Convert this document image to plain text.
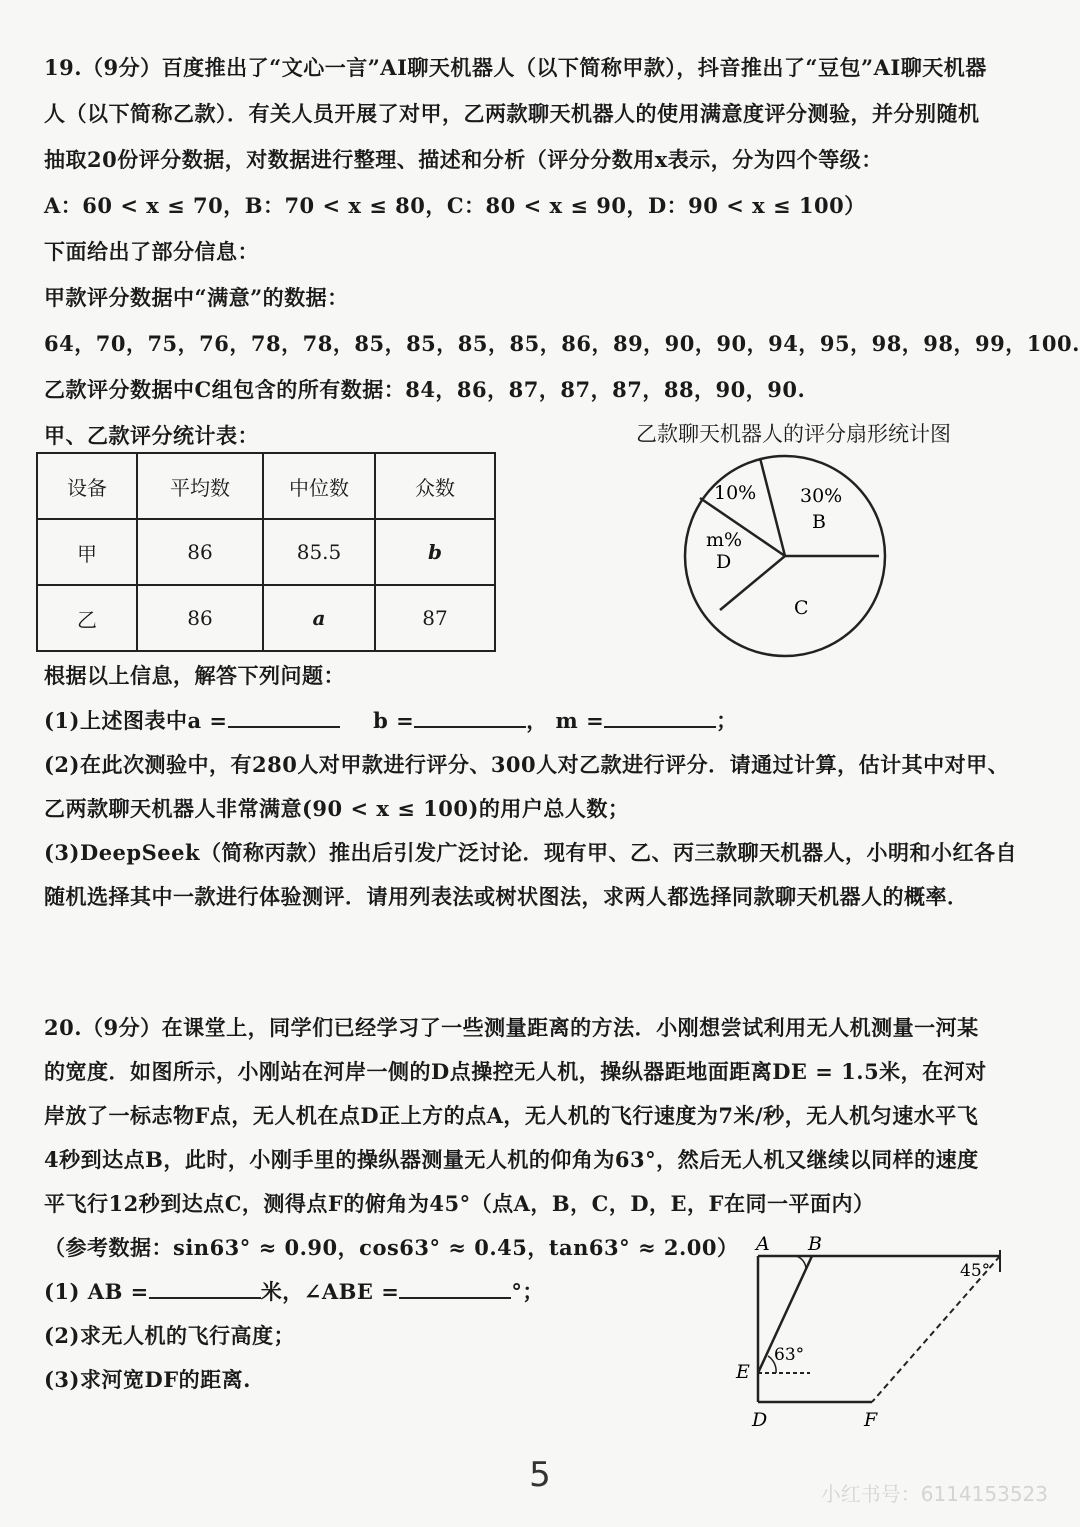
19.（9分）百度推出了“文心一言”AI聊天机器人（以下简称甲款），抖音推出了“豆包”AI聊天机器
人（以下简称乙款）．有关人员开展了对甲，乙两款聊天机器人的使用满意度评分测验，并分别随机
抽取20份评分数据，对数据进行整理、描述和分析（评分分数用x表示，分为四个等级：
A：60 < x ≤ 70，B：70 < x ≤ 80，C：80 < x ≤ 90，D：90 < x ≤ 100）
下面给出了部分信息：
甲款评分数据中“满意”的数据：
64，70，75，76，78，78，85，85，85，85，86，89，90，90，94，95，98，98，99，100.
乙款评分数据中C组包含的所有数据：84，86，87，87，87，88，90，90.
甲、乙款评分统计表：
设备	平均数	中位数	众数
甲	86	85.5	b
乙	86	a	87
乙款聊天机器人的评分扇形统计图
10% 30%
B
m%
D
C
根据以上信息，解答下列问题：
(1)上述图表中a =	b =	， m =	；
(2)在此次测验中，有280人对甲款进行评分、300人对乙款进行评分．请通过计算，估计其中对甲、
乙两款聊天机器人非常满意(90 < x ≤ 100)的用户总人数；
(3)DeepSeek（简称丙款）推出后引发广泛讨论．现有甲、乙、丙三款聊天机器人，小明和小红各自
随机选择其中一款进行体验测评．请用列表法或树状图法，求两人都选择同款聊天机器人的概率．
20.（9分）在课堂上，同学们已经学习了一些测量距离的方法．小刚想尝试利用无人机测量一河某
的宽度．如图所示，小刚站在河岸一侧的D点操控无人机，操纵器距地面距离DE = 1.5米，在河对
岸放了一标志物F点，无人机在点D正上方的点A，无人机的飞行速度为7米/秒，无人机匀速水平飞
4秒到达点B，此时，小刚手里的操纵器测量无人机的仰角为63°，然后无人机又继续以同样的速度
平飞行12秒到达点C，测得点F的俯角为45°（点A，B，C，D，E，F在同一平面内）
（参考数据：sin63° ≈ 0.90，cos63° ≈ 0.45，tan63° ≈ 2.00）
(1) AB =	米，∠ABE =	°；
(2)求无人机的飞行高度；
(3)求河宽DF的距离.
A B
E
D	F
63°
45°
5	小红书号：6114153523
